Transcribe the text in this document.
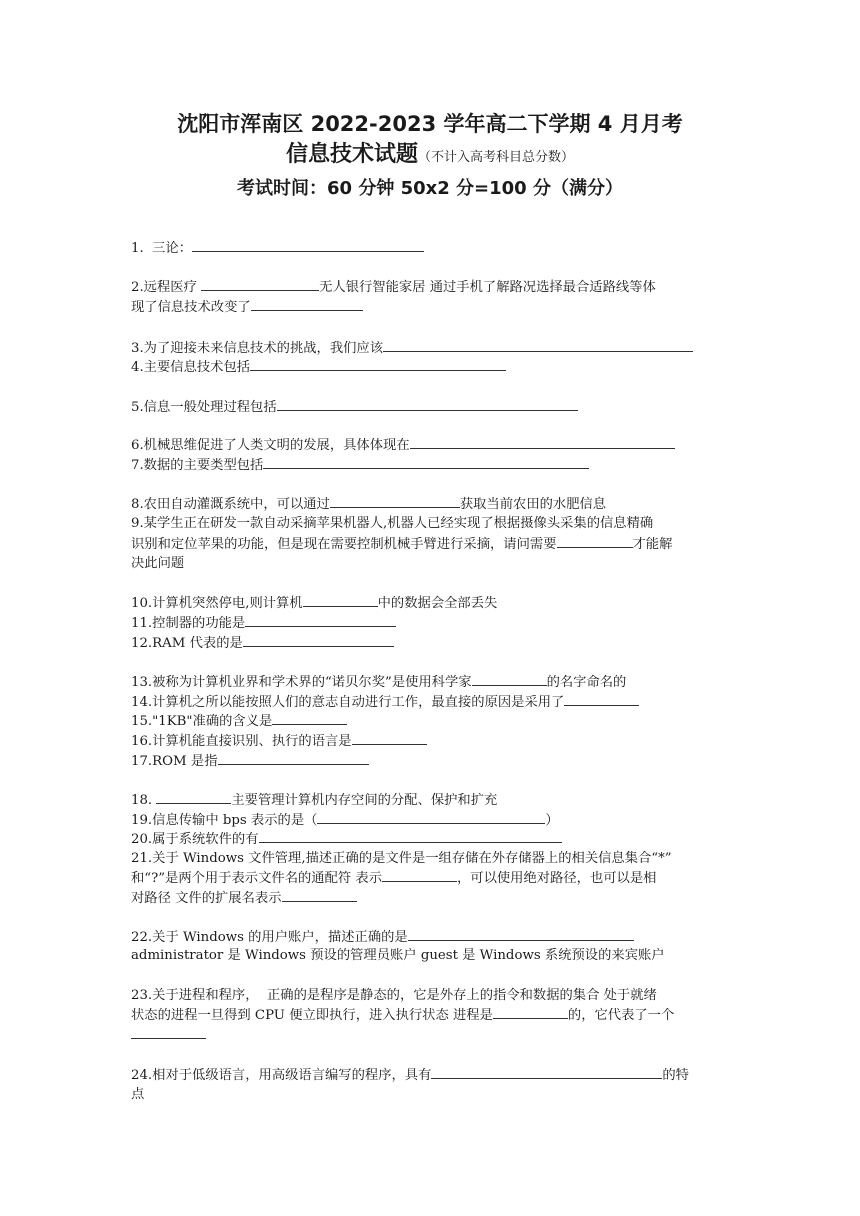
沈阳市浑南区 2022-2023 学年高二下学期 4 月月考
信息技术试题（不计入高考科目总分数）
考试时间：60 分钟 50x2 分=100 分（满分）
1.  三论：
2.远程医疗	无人银行智能家居 通过手机了解路况选择最合适路线等体
现了信息技术改变了
3.为了迎接未来信息技术的挑战，我们应该
4.主要信息技术包括
5.信息一般处理过程包括
6.机械思维促进了人类文明的发展，具体体现在
7.数据的主要类型包括
8.农田自动灌溉系统中，可以通过	获取当前农田的水肥信息
9.某学生正在研发一款自动采摘苹果机器人,机器人已经实现了根据摄像头采集的信息精确
识别和定位苹果的功能，但是现在需要控制机械手臂进行采摘，请问需要	才能解
决此问题
10.计算机突然停电,则计算机	中的数据会全部丢失
11.控制器的功能是
12.RAM 代表的是
13.被称为计算机业界和学术界的“诺贝尔奖”是使用科学家	的名字命名的
14.计算机之所以能按照人们的意志自动进行工作，最直接的原因是采用了
15."1KB"准确的含义是
16.计算机能直接识别、执行的语言是
17.ROM 是指
18.	主要管理计算机内存空间的分配、保护和扩充
19.信息传输中 bps 表示的是（	）
20.属于系统软件的有
21.关于 Windows 文件管理,描述正确的是文件是一组存储在外存储器上的相关信息集合“*”
和“?”是两个用于表示文件名的通配符 表示	，可以使用绝对路径，也可以是相
对路径 文件的扩展名表示
22.关于 Windows 的用户账户，描述正确的是
administrator 是 Windows 预设的管理员账户 guest 是 Windows 系统预设的来宾账户
23.关于进程和程序，  正确的是程序是静态的，它是外存上的指令和数据的集合 处于就绪
状态的进程一旦得到 CPU 便立即执行，进入执行状态 进程是	的，它代表了一个
24.相对于低级语言，用高级语言编写的程序，具有	的特
点
